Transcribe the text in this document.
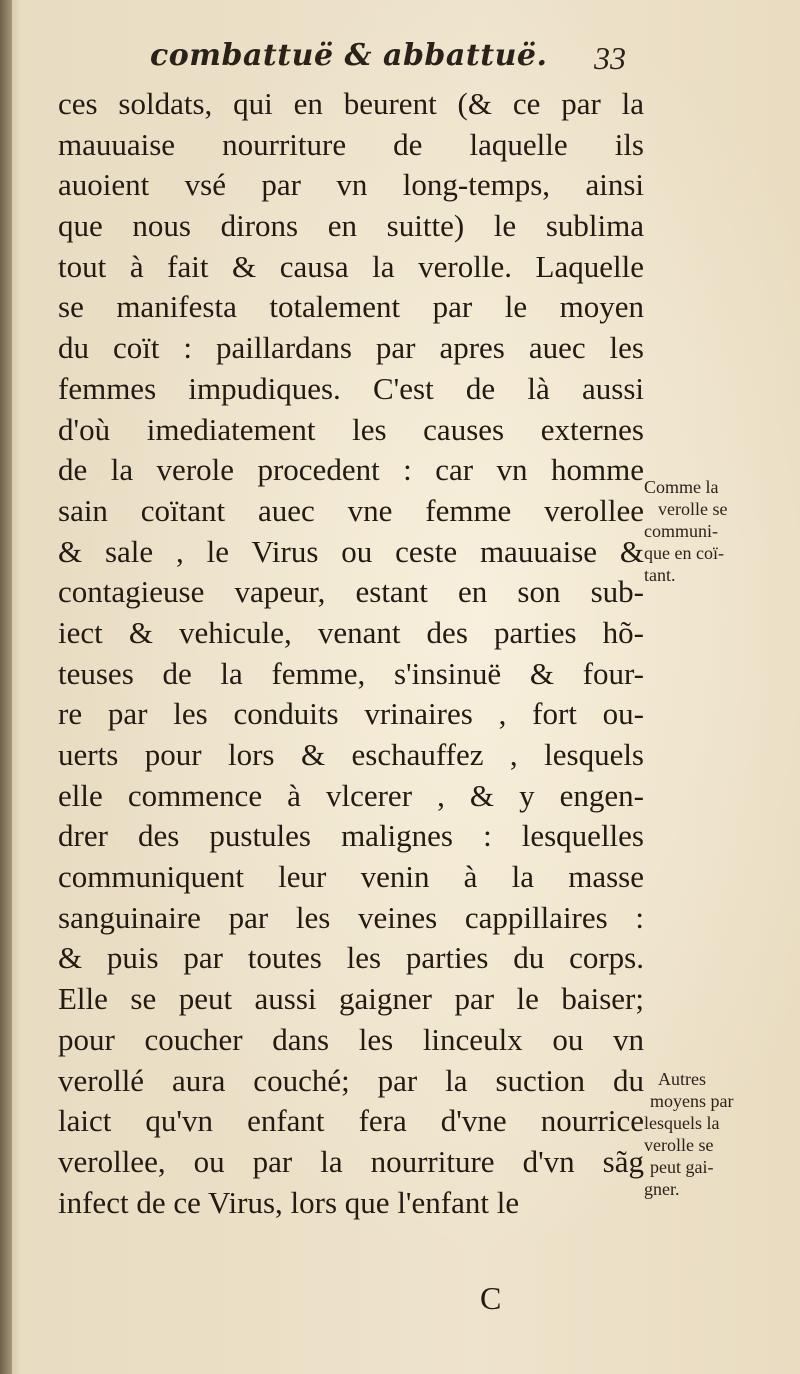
combattuë & abbattuë. 33
ces soldats, qui en beurent (& ce par la
mauuaise nourriture de laquelle ils
auoient vsé par vn long-temps, ainsi
que nous dirons en suitte) le sublima
tout à fait & causa la verolle. Laquelle
se manifesta totalement par le moyen
du coït : paillardans par apres auec les
femmes impudiques. C'est de là aussi
d'où imediatement les causes externes
de la verole procedent : car vn homme
sain coïtant auec vne femme verollee
& sale , le Virus ou ceste mauuaise &
contagieuse vapeur, estant en son sub-
iect & vehicule, venant des parties hõ-
teuses de la femme, s'insinuë & four-
re par les conduits vrinaires , fort ou-
uerts pour lors & eschauffez , lesquels
elle commence à vlcerer , & y engen-
drer des pustules malignes : lesquelles
communiquent leur venin à la masse
sanguinaire par les veines cappillaires :
& puis par toutes les parties du corps.
Elle se peut aussi gaigner par le baiser;
pour coucher dans les linceulx ou vn
verollé aura couché; par la suction du
laict qu'vn enfant fera d'vne nourrice
verollee, ou par la nourriture d'vn sãg
infect de ce Virus, lors que l'enfant le
Comme la
verolle se
communi-
que en coï-
tant.
Autres
moyens par
lesquels la
verolle se
peut gai-
gner.
C
